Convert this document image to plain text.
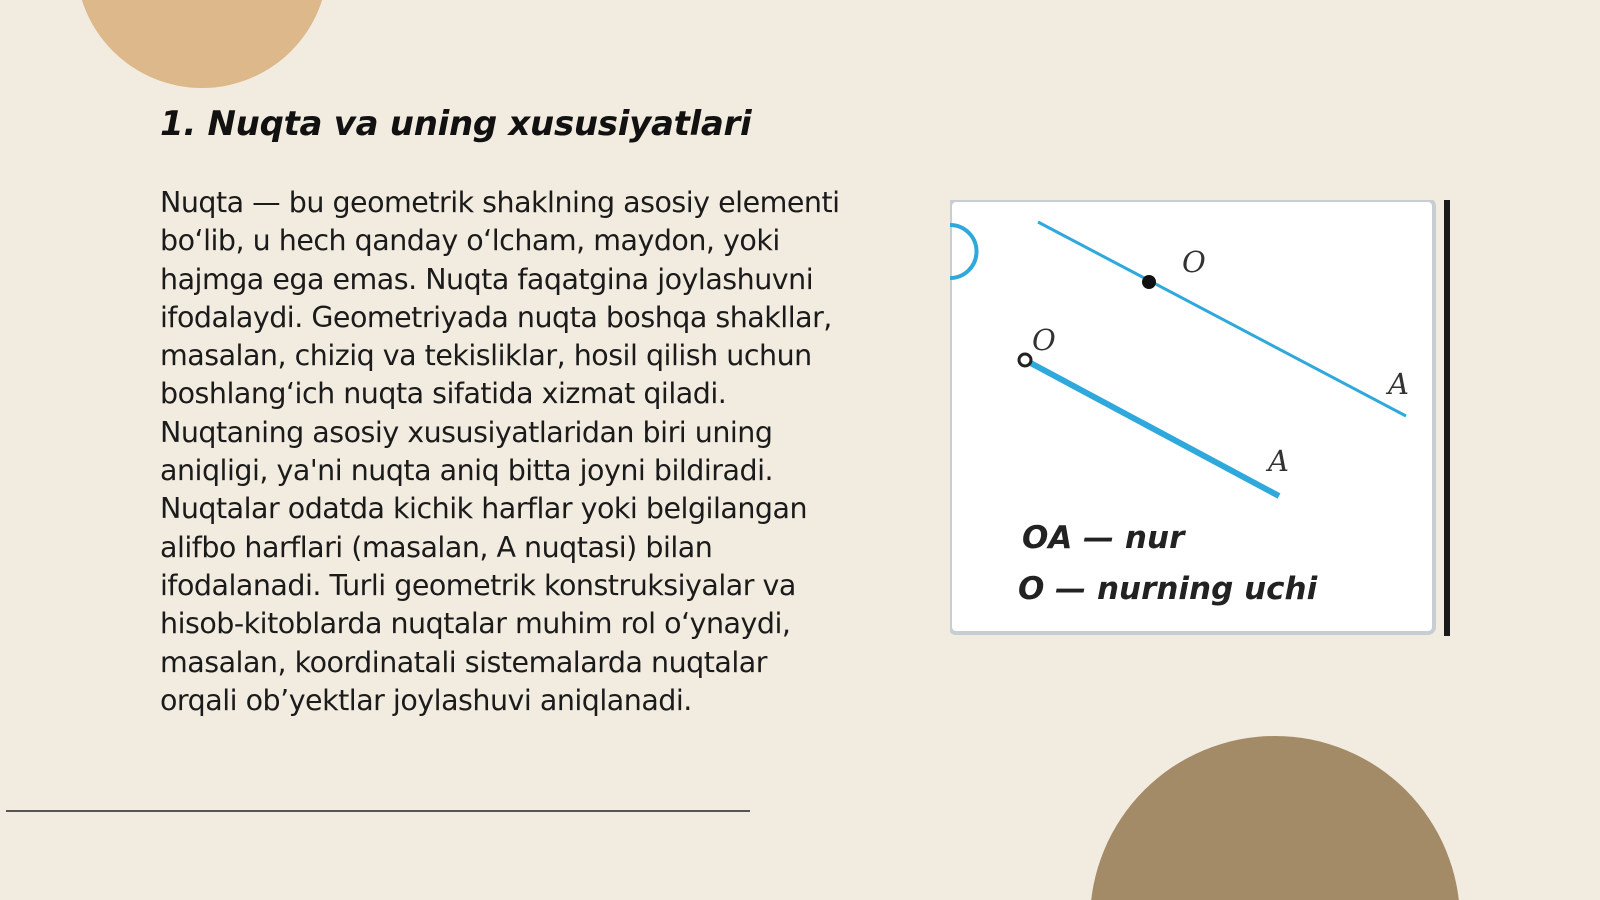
1. Nuqta va uning xususiyatlari

Nuqta — bu geometrik shaklning asosiy elementi bo‘lib, u hech qanday o‘lcham, maydon, yoki hajmga ega emas. Nuqta faqatgina joylashuvni ifodalaydi. Geometriyada nuqta boshqa shakllar, masalan, chiziq va tekisliklar, hosil qilish uchun boshlang‘ich nuqta sifatida xizmat qiladi. Nuqtaning asosiy xususiyatlaridan biri uning aniqligi, ya'ni nuqta aniq bitta joyni bildiradi. Nuqtalar odatda kichik harflar yoki belgilangan alifbo harflari (masalan, A nuqtasi) bilan ifodalanadi. Turli geometrik konstruksiyalar va hisob-kitoblarda nuqtalar muhim rol o‘ynaydi, masalan, koordinatali sistemalarda nuqtalar orqali ob’yektlar joylashuvi aniqlanadi.

O
A
O
A
OA — nur
O — nurning uchi
